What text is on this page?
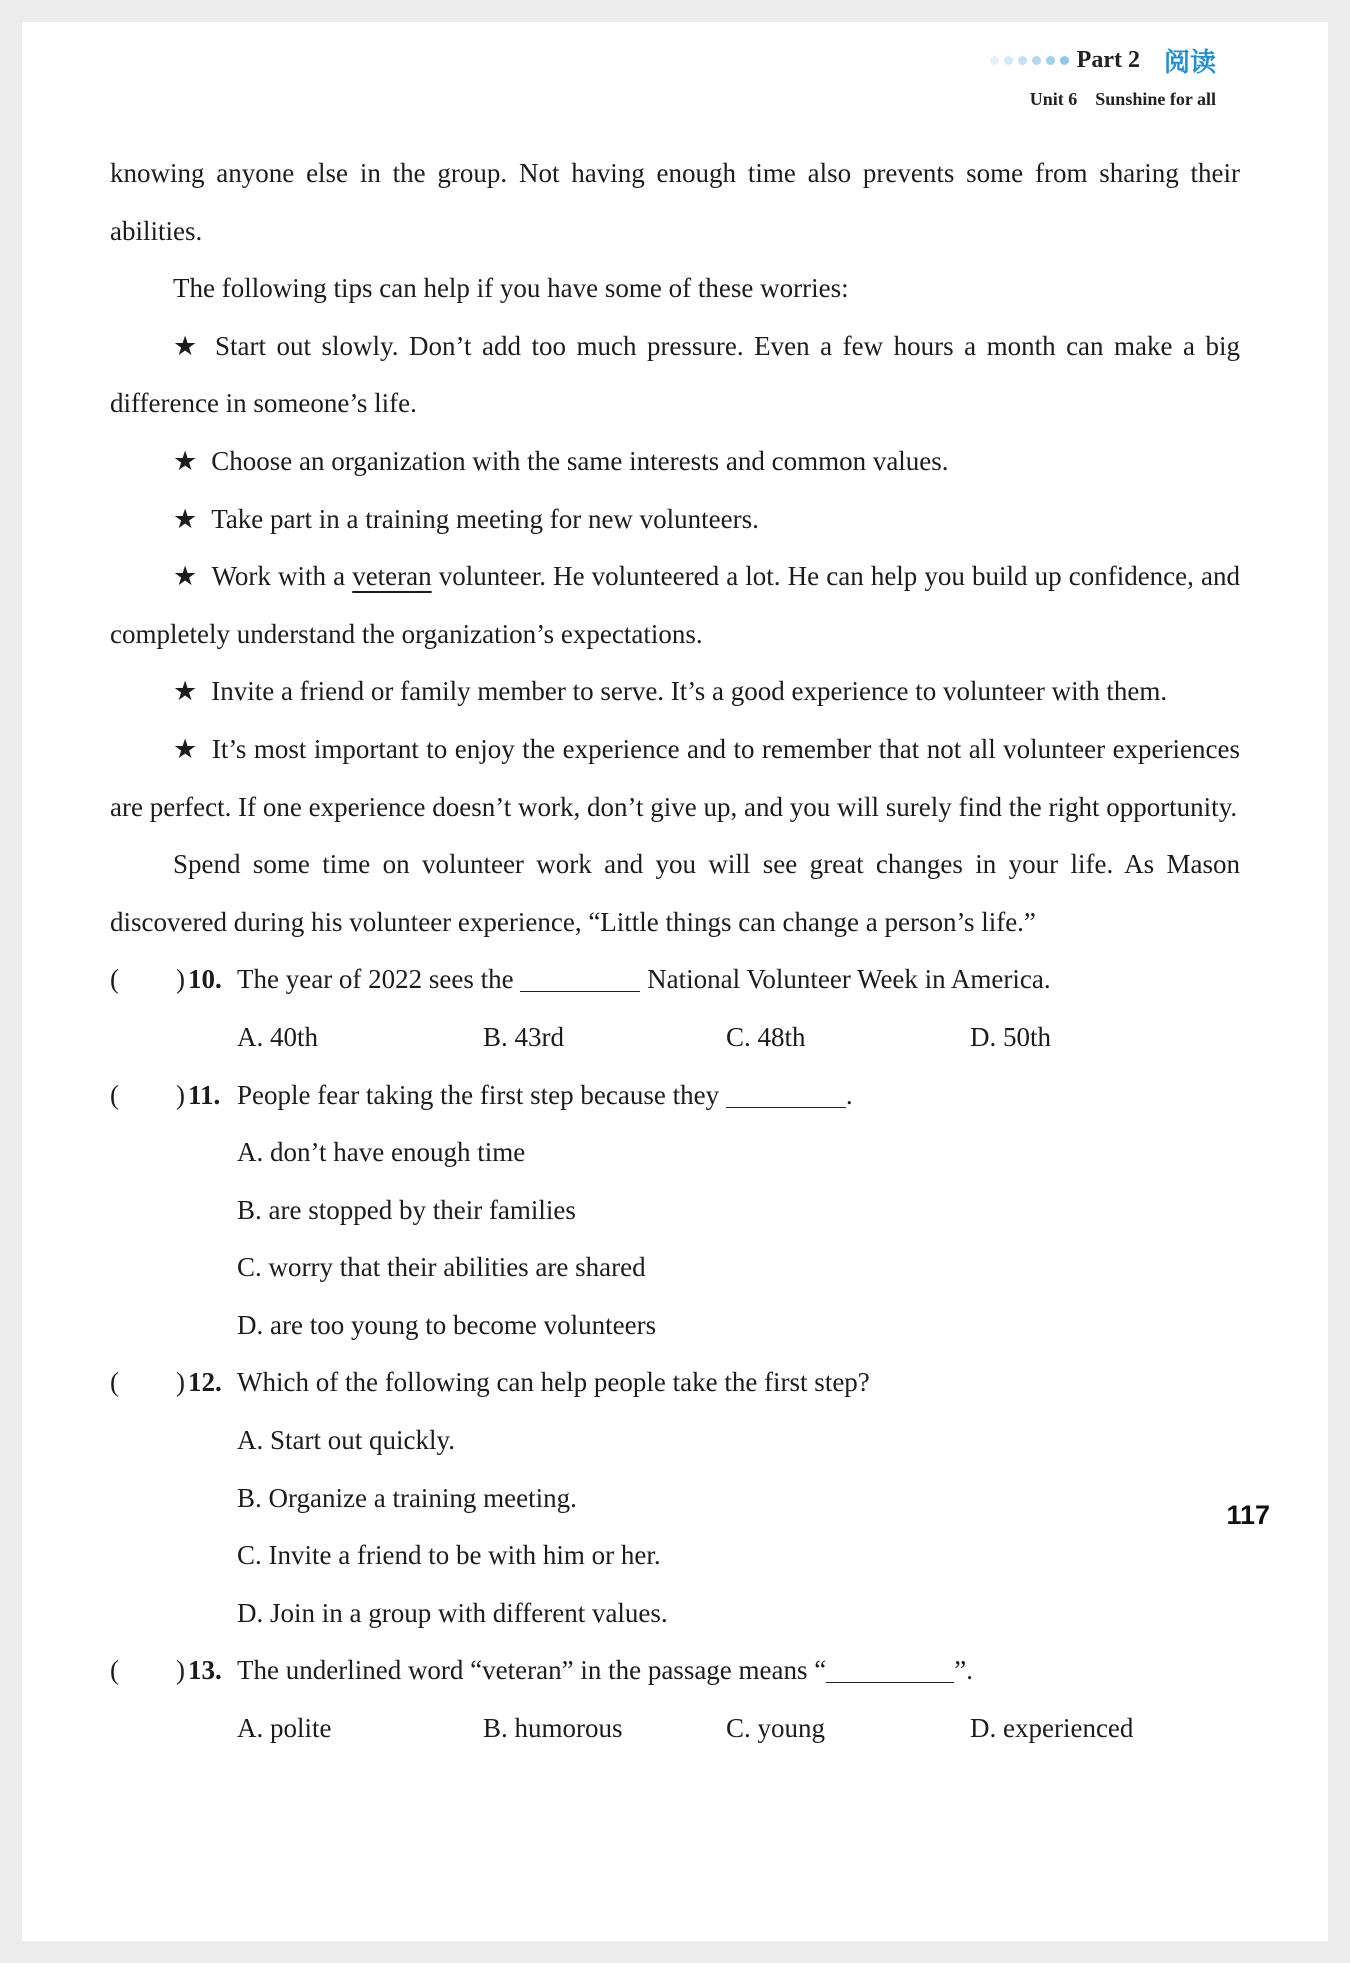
Part 2 阅读
Unit 6 Sunshine for all

knowing anyone else in the group. Not having enough time also prevents some from sharing their abilities.

The following tips can help if you have some of these worries:

★ Start out slowly. Don’t add too much pressure. Even a few hours a month can make a big difference in someone’s life.

★ Choose an organization with the same interests and common values.

★ Take part in a training meeting for new volunteers.

★ Work with a veteran volunteer. He volunteered a lot. He can help you build up confidence, and completely understand the organization’s expectations.

★ Invite a friend or family member to serve. It’s a good experience to volunteer with them.

★ It’s most important to enjoy the experience and to remember that not all volunteer experiences are perfect. If one experience doesn’t work, don’t give up, and you will surely find the right opportunity.

Spend some time on volunteer work and you will see great changes in your life. As Mason discovered during his volunteer experience, “Little things can change a person’s life.”

( ) 10. The year of 2022 sees the	National Volunteer Week in America.
A. 40th	B. 43rd	C. 48th	D. 50th
( ) 11. People fear taking the first step because they	.
A. don’t have enough time
B. are stopped by their families
C. worry that their abilities are shared
D. are too young to become volunteers
( ) 12. Which of the following can help people take the first step?
A. Start out quickly.
B. Organize a training meeting.
C. Invite a friend to be with him or her.
D. Join in a group with different values.
( ) 13. The underlined word “veteran” in the passage means “	”.
A. polite	B. humorous	C. young	D. experienced
117
